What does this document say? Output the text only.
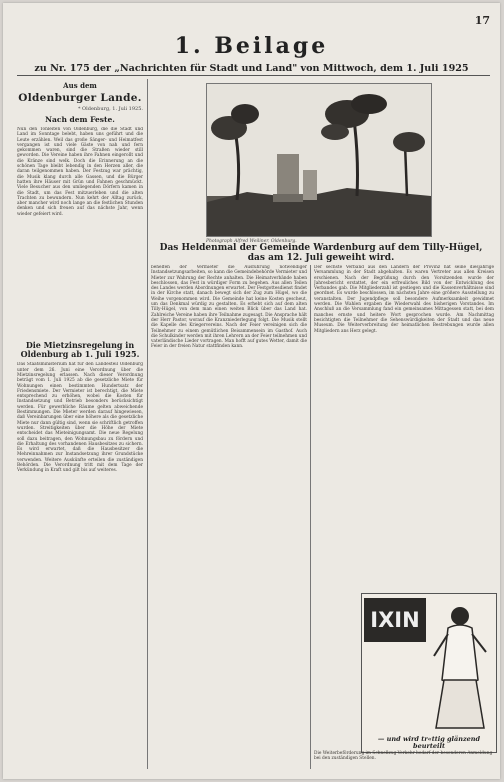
17
1. Beilage
zu Nr. 175 der „Nachrichten für Stadt und Land" von Mittwoch, dem 1. Juli 1925
Aus dem
Oldenburger Lande.
* Oldenburg, 1. Juli 1925.
Nach dem Feste.
Nun den Tonleiten von Oldenburg, die die Stadt und Land im Sonntage belebt, haben uns geführt und die Leute erzählen. Weil das große Sänger- und Heimatfest vergangen ist und viele Gäste von nah und fern gekommen waren, sind die Straßen wieder still geworden. Die Vereine haben ihre Fahnen eingerollt und die Kränze sind welk. Doch die Erinnerung an die schönen Tage bleibt lebendig in den Herzen aller, die daran teilgenommen haben. Der Festzug war prächtig, die Musik klang durch alle Gassen, und die Bürger hatten ihre Häuser mit Grün und Fahnen geschmückt. Viele Besucher aus den umliegenden Dörfern kamen in die Stadt, um das Fest mitzuerleben und die alten Trachten zu bewundern. Nun kehrt der Alltag zurück, aber mancher wird noch lange an die festlichen Stunden denken und sich freuen auf das nächste Jahr, wenn wieder gefeiert wird.
Die Mietzinsregelung in Oldenburg ab 1. Juli 1925.
Das Staatsministerium hat für den Landesteil Oldenburg unter dem 26. Juni eine Verordnung über die Mietzinsregelung erlassen. Nach dieser Verordnung beträgt vom 1. Juli 1925 ab die gesetzliche Miete für Wohnungen einen bestimmten Hundertsatz der Friedensmiete. Der Vermieter ist berechtigt, die Miete entsprechend zu erhöhen, wobei die Kosten für Instandsetzung und Betrieb besonders berücksichtigt werden. Für gewerbliche Räume gelten abweichende Bestimmungen. Die Mieter werden darauf hingewiesen, daß Vereinbarungen über eine höhere als die gesetzliche Miete nur dann gültig sind, wenn sie schriftlich getroffen wurden. Streitigkeiten über die Höhe der Miete entscheidet das Mieteinigungsamt. Die neue Regelung soll dazu beitragen, den Wohnungsbau zu fördern und die Erhaltung des vorhandenen Hausbesitzes zu sichern. Es wird erwartet, daß die Hausbesitzer die Mehreinnahmen zur Instandsetzung ihrer Grundstücke verwenden. Weitere Auskünfte erteilen die zuständigen Behörden. Die Verordnung tritt mit dem Tage der Verkündung in Kraft und gilt bis auf weiteres.
Photograph Alfred Weiliner, Oldenburg.
Das Heldenmal der Gemeinde Wardenburg auf dem Tilly-Hügel, das am 12. Juli geweiht wird.
behelfen der Vermieter die Ausführung notwendiger Instandsetzungsarbeiten, so kann die Gemeindebehörde Vermieter und Mieter zur Wahrung der Rechte anhalten. Die Heimatverbände haben beschlossen, das Fest in würdiger Form zu begehen. Aus allen Teilen des Landes werden Abordnungen erwartet. Der Festgottesdienst findet in der Kirche statt, danach bewegt sich der Zug zum Hügel, wo die Weihe vorgenommen wird. Die Gemeinde hat keine Kosten gescheut, um das Denkmal würdig zu gestalten. Es erhebt sich auf dem alten Tilly-Hügel, von dem man einen weiten Blick über das Land hat. Zahlreiche Vereine haben ihre Teilnahme zugesagt. Die Ansprache hält der Herr Pastor, worauf die Kranzniederlegung folgt. Die Musik stellt die Kapelle des Kriegervereins. Nach der Feier vereinigen sich die Teilnehmer zu einem gemütlichen Beisammensein im Gasthof. Auch die Schulkinder werden mit ihren Lehrern an der Feier teilnehmen und vaterländische Lieder vortragen. Man hofft auf gutes Wetter, damit die Feier in der freien Natur stattfinden kann.
Der sechste Verband aus den Ländern der Provinz hat seine diesjährige Versammlung in der Stadt abgehalten. Es waren Vertreter aus allen Kreisen erschienen. Nach der Begrüßung durch den Vorsitzenden wurde der Jahresbericht erstattet, der ein erfreuliches Bild von der Entwicklung des Verbandes gab. Die Mitgliederzahl ist gestiegen und die Kassenverhältnisse sind geordnet. Es wurde beschlossen, im nächsten Jahre eine größere Ausstellung zu veranstalten. Der Jugendpflege soll besondere Aufmerksamkeit gewidmet werden. Die Wahlen ergaben die Wiederwahl des bisherigen Vorstandes. Im Anschluß an die Versammlung fand ein gemeinsames Mittagessen statt, bei dem manches ernste und heitere Wort gesprochen wurde. Am Nachmittag besichtigten die Teilnehmer die Sehenswürdigkeiten der Stadt und das neue Museum. Die Weiterverbreitung der heimatlichen Bestrebungen wurde allen Mitgliedern ans Herz gelegt.
IXIN
— und wird tr«ttig glänzend beurteilt
Die Weiterbeförderung im Schnellzug-Verkehr bedarf der besonderen Anmeldung bei den zuständigen Stellen.
